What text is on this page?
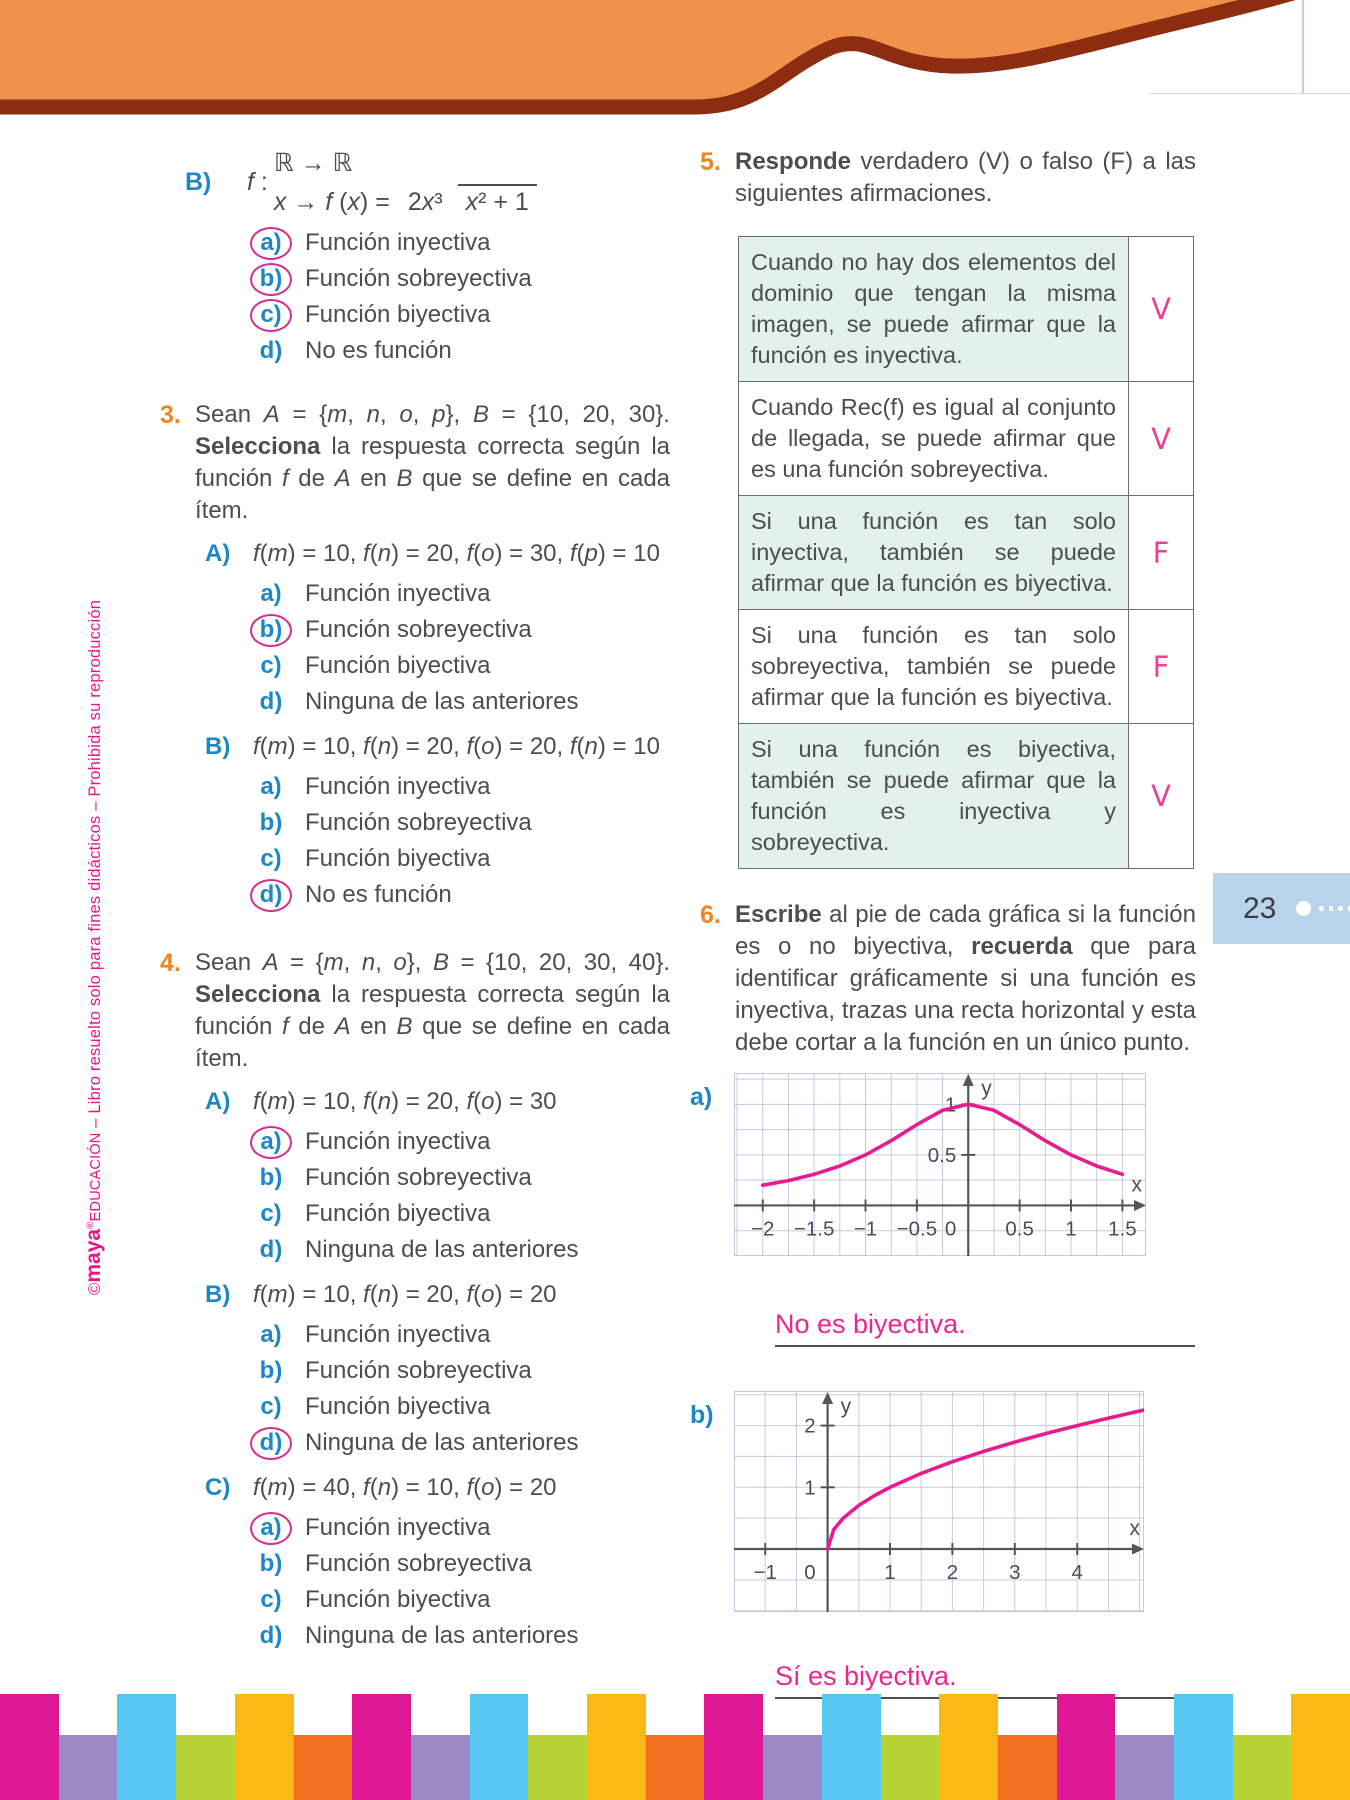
©maya®EDUCACIÓN – Libro resuelto solo para fines didácticos – Prohibida su reproducción
B)	f :
ℝ → ℝ
x → f (x) = 2x³ x² + 1
a) Función inyectiva
b) Función sobreyectiva
c) Función biyectiva
d) No es función
3. Sean A = {m, n, o, p}, B = {10, 20, 30}. Selecciona la respuesta correcta según la función f de A en B que se define en cada ítem.
A) f(m) = 10, f(n) = 20, f(o) = 30, f(p) = 10
a) Función inyectiva
b) Función sobreyectiva
c) Función biyectiva
d) Ninguna de las anteriores
B) f(m) = 10, f(n) = 20, f(o) = 20, f(n) = 10
a) Función inyectiva
b) Función sobreyectiva
c) Función biyectiva
d) No es función
4. Sean A = {m, n, o}, B = {10, 20, 30, 40}. Selecciona la respuesta correcta según la función f de A en B que se define en cada ítem.
A) f(m) = 10, f(n) = 20, f(o) = 30
a) Función inyectiva
b) Función sobreyectiva
c) Función biyectiva
d) Ninguna de las anteriores
B) f(m) = 10, f(n) = 20, f(o) = 20
a) Función inyectiva
b) Función sobreyectiva
c) Función biyectiva
d) Ninguna de las anteriores
C) f(m) = 40, f(n) = 10, f(o) = 20
a) Función inyectiva
b) Función sobreyectiva
c) Función biyectiva
d) Ninguna de las anteriores
5. Responde verdadero (V) o falso (F) a las siguientes afirmaciones.
Cuando no hay dos elementos del dominio que tengan la misma imagen, se puede afirmar que la función es inyectiva.	V
Cuando Rec(f) es igual al conjunto de llegada, se puede afirmar que es una función sobreyectiva.	V
Si una función es tan solo inyectiva, también se puede afirmar que la función es biyectiva.	F
Si una función es tan solo sobreyectiva, también se puede afirmar que la función es biyectiva.	F
Si una función es biyectiva, también se puede afirmar que la función es inyectiva y sobreyectiva.	V
6. Escribe al pie de cada gráfica si la función es o no biyectiva, recuerda que para identificar gráficamente si una función es inyectiva, trazas una recta horizontal y esta debe cortar a la función en un único punto.
a)
x
y
−2 −1.5 −1 −0.5	0.5 1 1.5
0.5
1
0
No es biyectiva.
b)
x
y
−1	1 2 3 4
1
2
0
Sí es biyectiva.
23
